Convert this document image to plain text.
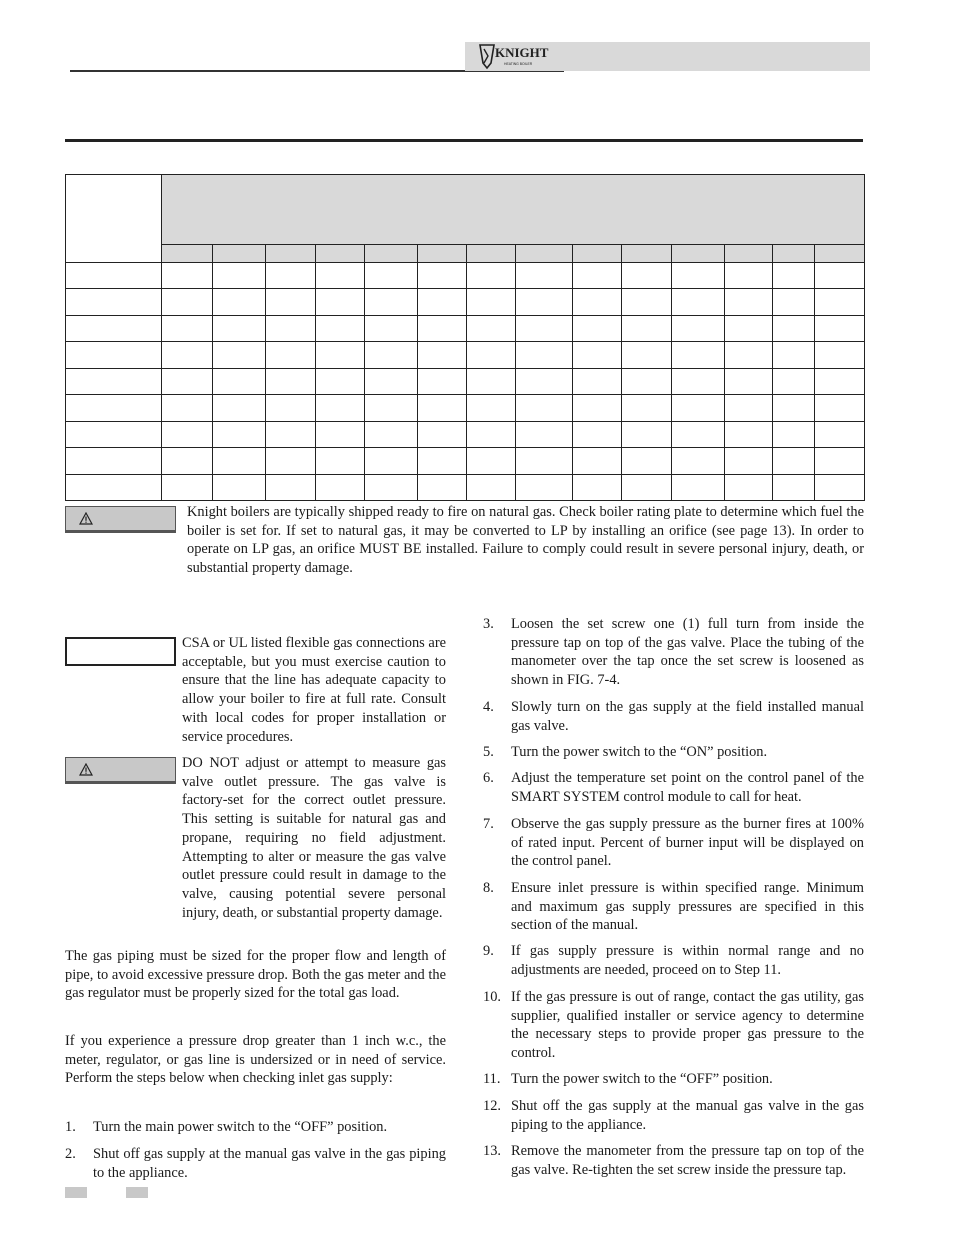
KNIGHT
HEATING BOILER

Knight boilers are typically shipped ready to fire on natural gas. Check boiler rating plate to determine which fuel the boiler is set for. If set to natural gas, it may be converted to LP by installing an orifice (see page 13). In order to operate on LP gas, an orifice MUST BE installed. Failure to comply could result in severe personal injury, death, or substantial property damage.
CSA or UL listed flexible gas connections are acceptable, but you must exercise caution to ensure that the line has adequate capacity to allow your boiler to fire at full rate. Consult with local codes for proper installation or service procedures.
DO NOT adjust or attempt to measure gas valve outlet pressure. The gas valve is factory-set for the correct outlet pressure. This setting is suitable for natural gas and propane, requiring no field adjustment. Attempting to alter or measure the gas valve outlet pressure could result in damage to the valve, causing potential severe personal injury, death, or substantial property damage.
The gas piping must be sized for the proper flow and length of pipe, to avoid excessive pressure drop. Both the gas meter and the gas regulator must be properly sized for the total gas load.
If you experience a pressure drop greater than 1 inch w.c., the meter, regulator, or gas line is undersized or in need of service. Perform the steps below when checking inlet gas supply:
1. Turn the main power switch to the “OFF” position.
2. Shut off gas supply at the manual gas valve in the gas piping to the appliance.
3. Loosen the set screw one (1) full turn from inside the pressure tap on top of the gas valve. Place the tubing of the manometer over the tap once the set screw is loosened as shown in FIG. 7-4.
4. Slowly turn on the gas supply at the field installed manual gas valve.
5. Turn the power switch to the “ON” position.
6. Adjust the temperature set point on the control panel of the SMART SYSTEM control module to call for heat.
7. Observe the gas supply pressure as the burner fires at 100% of rated input. Percent of burner input will be displayed on the control panel.
8. Ensure inlet pressure is within specified range. Minimum and maximum gas supply pressures are specified in this section of the manual.
9. If gas supply pressure is within normal range and no adjustments are needed, proceed on to Step 11.
10. If the gas pressure is out of range, contact the gas utility, gas supplier, qualified installer or service agency to determine the necessary steps to provide proper gas pressure to the control.
11. Turn the power switch to the “OFF” position.
12. Shut off the gas supply at the manual gas valve in the gas piping to the appliance.
13. Remove the manometer from the pressure tap on top of the gas valve. Re-tighten the set screw inside the pressure tap.
